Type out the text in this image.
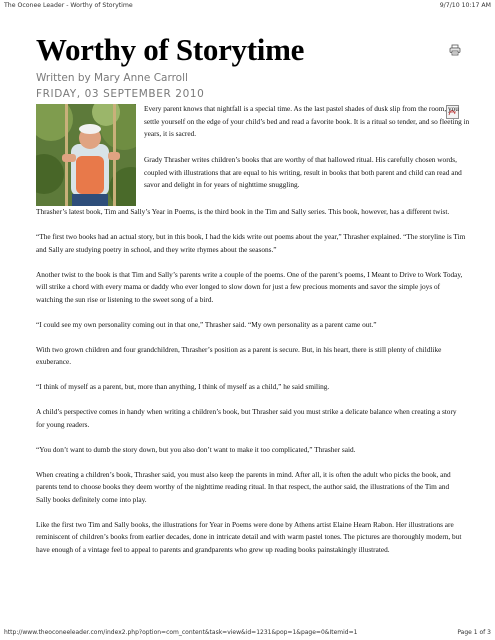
The Oconee Leader - Worthy of Storytime	9/7/10 10:17 AM
Worthy of Storytime
Written by Mary Anne Carroll
FRIDAY, 03 SEPTEMBER 2010

Every parent knows that nightfall is a special time. As the last pastel shades of dusk slip from the room, you settle yourself on the edge of your child’s bed and read a favorite book. It is a ritual so tender, and so fleeting in years, it is sacred.

Grady Thrasher writes children’s books that are worthy of that hallowed ritual. His carefully chosen words, coupled with illustrations that are equal to his writing, result in books that both parent and child can read and savor and delight in for years of nighttime snuggling.

Thrasher’s latest book, Tim and Sally’s Year in Poems, is the third book in the Tim and Sally series. This book, however, has a different twist.

“The first two books had an actual story, but in this book, I had the kids write out poems about the year,” Thrasher explained. “The storyline is Tim and Sally are studying poetry in school, and they write rhymes about the seasons.”

Another twist to the book is that Tim and Sally’s parents write a couple of the poems. One of the parent’s poems, I Meant to Drive to Work Today, will strike a chord with every mama or daddy who ever longed to slow down for just a few precious moments and savor the simple joys of watching the sun rise or listening to the sweet song of a bird.

“I could see my own personality coming out in that one,” Thrasher said. “My own personality as a parent came out.”

With two grown children and four grandchildren, Thrasher’s position as a parent is secure. But, in his heart, there is still plenty of childlike exuberance.

“I think of myself as a parent, but, more than anything, I think of myself as a child,” he said smiling.

A child’s perspective comes in handy when writing a children’s book, but Thrasher said you must strike a delicate balance when creating a story for young readers.

“You don’t want to dumb the story down, but you also don’t want to make it too complicated,” Thrasher said.

When creating a children’s book, Thrasher said, you must also keep the parents in mind. After all, it is often the adult who picks the book, and parents tend to choose books they deem worthy of the nighttime reading ritual. In that respect, the author said, the illustrations of the Tim and Sally books definitely come into play.

Like the first two Tim and Sally books, the illustrations for Year in Poems were done by Athens artist Elaine Hearn Rabon. Her illustrations are reminiscent of children’s books from earlier decades, done in intricate detail and with warm pastel tones. The pictures are thoroughly modern, but have enough of a vintage feel to appeal to parents and grandparents who grew up reading books painstakingly illustrated.

http://www.theoconeeleader.com/index2.php?option=com_content&task=view&id=1231&pop=1&page=0&Itemid=1	Page 1 of 3
